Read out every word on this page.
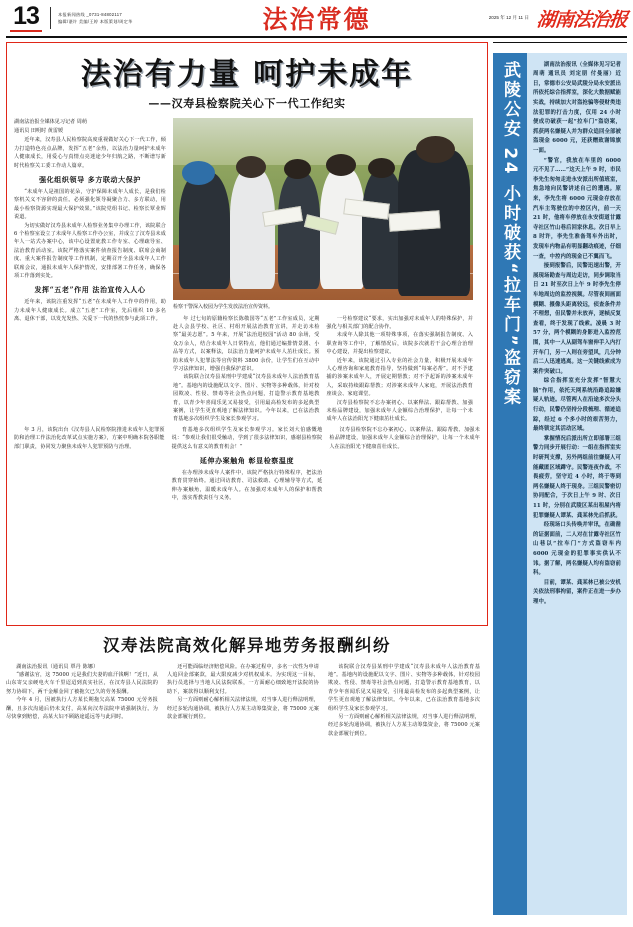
13	本报新闻热线 _0731-84802117
编辑/谌许 美编/王婷 本版策划/周定华	法治常德	2025 年 12 月 11 日 湖南法治报
法治有力量 呵护未成年
——汉寿县检察院关心下一代工作纪实
湖南法治报全媒体见习记者 周萌
通讯员 田明时 黄雷媛

近年来，汉寿县人民检察院高度重视做好关心下一代工作，倾力打造特色亮点品牌，发挥“五老”余热，以法治力量呵护未成年人健康成长，用爱心与真情点亮迷途少年归航之路，不断谱写新时代检察关工委工作动人篇章。

强化组织领导 多方联动大保护

“未成年人是祖国的花朵，守护保障未成年人成长，是我们检察机关义不容辞的责任。必须强化领导凝聚合力、多方联动，用最小检察资源实现最大保护效果。”该院党组书记、检察长覃业辉说道。

为切实做好汉寿县未成年人检察业务集中办理工作，该院联合 6 个检察室设立了未成年人检察工作办公室，并成立了汉寿县未成年人一站式办案中心，该中心设置庇教工作专室、心理疏导室、法治教育活动室。该院严格落实案件侦查报告制度、联席会商制度、重大案件报告制度等工作机制，定期召开全县未成年人工作联席会议，通报未成年人保护情况，安排部署工作任务，确保各项工作落到实处。

发挥“五老”作用 法治宣传入人心

近年来，该院注重发挥“五老”在未成年人工作中的作用，助力未成年人健康成长。成立“五老”工作室，先后组织 10 多名离、退休干部，以发光发热、关爱下一代的热忱参与此项工作。

检察干警深入校园为学生发放法治宣传资料。

年 过七旬的原籍检察长陈敬国等“五老”工作室成员，定期赴人会县学校、社区、村组开展法治教育宣讲，并走访未检察“最美志愿”。5 年来，开展“法治进校园”活动 80 余场，受众万余人，结合未成年人日常特点，他们通过编排情景剧、小品等方式，以案释法，以法治力量呵护未成年人茁壮成长。预防未成年人犯罪法等官传资料 3800 余份，让学生们在互动中学习法律知识，增强自我保护意识。

该院联合汉寿县某刑中学建成“汉寿县未成年人法治教育基地”。基地内的设施配以文字、图片、实物等多种载体，针对校园欺凌、性侵、禁毒等社会热点问题，打造警示教育基地教育，以青少年喜闻乐见又易接受，引用最高检发布的多起典型案例，让学生更直观地了解法律知识。今年以来，已在法治教育基地多次组织学生及家长参观学习。

一号检察建议“要求，实出加强对未成年人的特殊保护，并强化与相关部门的配合协作。

未成年人除其他一项特殊事项，在落实强制报告制度、入职查询等工作中，了解情况后，该院多次就若干会心理合治理中心建设，并提出检察建议。

近年来，该院通过引入专业的社会力量，积极开展未成年人心理咨询和家庭教育指导，坚持做到“每案必帮”。对不予逮捕的涉案未成年人，开展定期帮教；对不予起诉的涉案未成年人，采取持续跟踪帮教；对涉案未成年人家庭，开展法治教育座谈会、家庭课堂。

汉寿县检察院不忘办案初心、以案释法、跟踪帮教、加强未检品牌建设，加强未成年人金额综合治理保护，让每一个未成年人在法治阳光下健康茁壮成长。

年 3 月，该院出台《汉寿县人民检察院推进未成年人犯罪预防和治理工作法治化改革试点实施方案》，方案中明确本院各职能部门职责，协同发力聚焦未成年人犯罪预防与治理。

育基地多次组织学生及家长参观学习。家长刘大伯感慨地说：“参观让我们很受触动，学到了很多法律知识，感谢县检察院提供这么有意义的教育机会！”

延伸办案触角 彰显检察温度

在办理涉未成年人案件中，该院严格执行特殊程序，把法治教育贯穿始终。通过回访教育、司法救助、心理辅导等方式，延伸办案触角，温暖未成年人。在加强对未成年人的保护和帮教中，落实帮教责任与义务。

汉寿县检察院不忘办案初心、以案释法、跟踪帮教、加强未检品牌建设，加强未成年人金额综合治理保护，让每一个未成年人在法治阳光下健康茁壮成长。

汉寿法院高效化解异地劳务报酬纠纷

湖南法治报讯（通讯员 覃丹 陈娜）

“感谢法官，这 75000 元是我们夫妻的血汗钱啊！”近日，从山东寄父亲硬电火车千里迢迢到真实社区，在汉寿县人民法院的努力协调下，两干金解金回了被拖欠已久的劳务报酬。

今年 4 月，因被执行人方某长期拖欠高某 75000 元劳务报酬，且多次沟通后仍未支付，高某向汉寿法院申请强制执行。为尽快拿到赔偿，高某大妇不顾路途遥远等与此同时。

还可能面临经济赔偿风险。在办案过程中，多名一次性为申请人追回金部案款，最大限度减少对机权成本。为实现这一目标，执行员选择与当地人民法院联系，一方面耐心细致地开法院的协助下，案款得以顺利支付。

另一方面则耐心解析相关法律法规，对当事人进行释法明理，经过多轮沟通协调，被执行人方某主动筹集资金，将 75000 元案款金部履行到位。

该院联合汉寿县某刑中学建成“汉寿县未成年人法治教育基地”。基地内的设施配以文字、图片、实物等多种载体，针对校园欺凌、性侵、禁毒等社会热点问题，打造警示教育基地教育，以青少年喜闻乐见又易接受，引用最高检发布的多起典型案例，让学生更直观地了解法律知识。今年以来，已在法治教育基地多次组织学生及家长参观学习。

另一方面则耐心解析相关法律法规，对当事人进行释法明理，经过多轮沟通协调，被执行人方某主动筹集资金，将 75000 元案款金部履行到位。

武陵公安 24 小时破获“拉车门”盗窃案	湖南法治报讯（全媒体见习记者 周萌 通讯员 刘定朋 付曼丽）近日，常德市公安局武陵分局永安派出所依托综合指挥室，深化大数据赋能实战，持续加大对盗抢骗等侵财类违法犯罪的打击力度，仅用 24 小时便成功破获一起“拉车门”盗窃案，抓获两名嫌疑人并为群众追回全部被盗现金 6000 元，还获赠致谢锦旗一面。

“警官，我放在车里的 6000 元不见了……”这天上午 9 时，市民李先生匆匆走进永安派出所值班室，焦急地向民警讲述自己的遭遇。原来，李先生将 6000 元现金存放在汽车主驾驶位的中控区内，前一天 21 时，他将车停放在永安街道甘露寺社区竹山巷后回家休息。次日早上 8 时许，李先生准备驾车外出时，发现车内物品有明显翻动痕迹，仔细一查，中控内的现金已不翼而飞。

接到报警后，民警迅速出警，开展现场勘查与周边走访，同步调取当日 21 时至次日上午 9 时李先生停车地周边的监控视频。尽管夜间画面模糊、摄像头距离较远，侦查条件并不理想，但民警并未放弃，逐帧反复查看，终于发现了线索。凌晨 3 时 57 分，两个模糊的身影进入监控范围，其中一人从副驾车窗伸手入内打开车门，另一人则在旁望风，几分钟后二人迅速逃离。这一关键线索成为案件突破口。

综合指挥室充分发挥“智慧大脑”作用，依托天网系统沿路追踪嫌疑人轨迹。尽管两人在沿途多次分头行动，民警仍坚持分段梳理、循迹追踪，经过 6 个多小时的艰苦努力，最终锁定其活动区域。

掌握情况后派出所立即部署三组警力同步开展行动：一组在指挥室实时研判支撑，另外两组前往嫌疑人可能藏匿区域蹲守。民警连夜作战，不畏疲劳，坚守近 4 小时，终于等到两名嫌疑人终于现身。三组民警密切协同配合，于次日上午 9 时、次日 11 时，分别在武陵区某出租屋内将犯罪嫌疑人谭某、龚某林先后抓获。

经现场口头传唤并审讯，在确凿的证据面前，二人对在甘露寺社区竹山巷以“拉车门”方式盗窃车内 6000 元现金的犯罪事实供认不讳。据了解，两名嫌疑人均有盗窃前科。

目前，谭某、龚某林已被公安机关依法刑事拘留，案件正在进一步办理中。
